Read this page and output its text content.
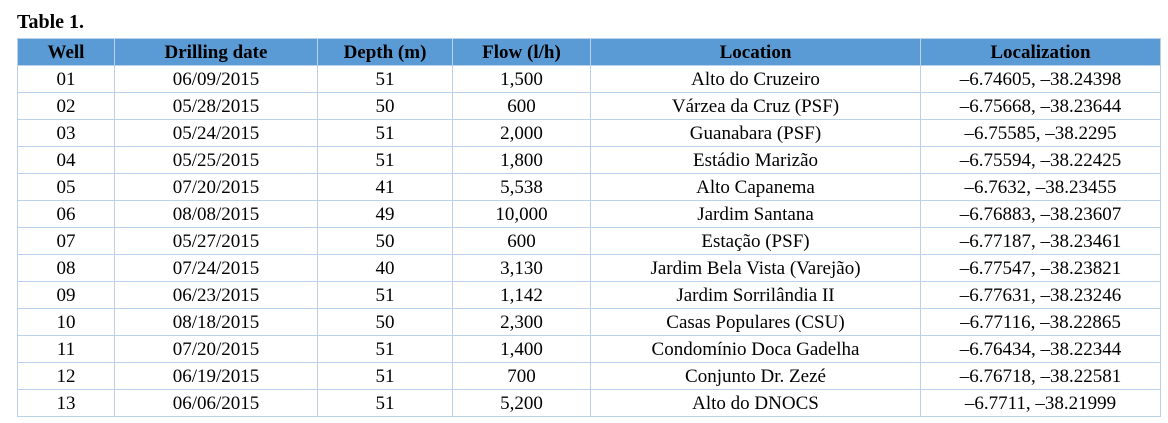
Table 1.
Well	Drilling date	Depth (m)	Flow (l/h)	Location	Localization
01	06/09/2015	51	1,500	Alto do Cruzeiro	–6.74605, –38.24398
02	05/28/2015	50	600	Várzea da Cruz (PSF)	–6.75668, –38.23644
03	05/24/2015	51	2,000	Guanabara (PSF)	–6.75585, –38.2295
04	05/25/2015	51	1,800	Estádio Marizão	–6.75594, –38.22425
05	07/20/2015	41	5,538	Alto Capanema	–6.7632, –38.23455
06	08/08/2015	49	10,000	Jardim Santana	–6.76883, –38.23607
07	05/27/2015	50	600	Estação (PSF)	–6.77187, –38.23461
08	07/24/2015	40	3,130	Jardim Bela Vista (Varejão)	–6.77547, –38.23821
09	06/23/2015	51	1,142	Jardim Sorrilândia II	–6.77631, –38.23246
10	08/18/2015	50	2,300	Casas Populares (CSU)	–6.77116, –38.22865
11	07/20/2015	51	1,400	Condomínio Doca Gadelha	–6.76434, –38.22344
12	06/19/2015	51	700	Conjunto Dr. Zezé	–6.76718, –38.22581
13	06/06/2015	51	5,200	Alto do DNOCS	–6.7711, –38.21999
